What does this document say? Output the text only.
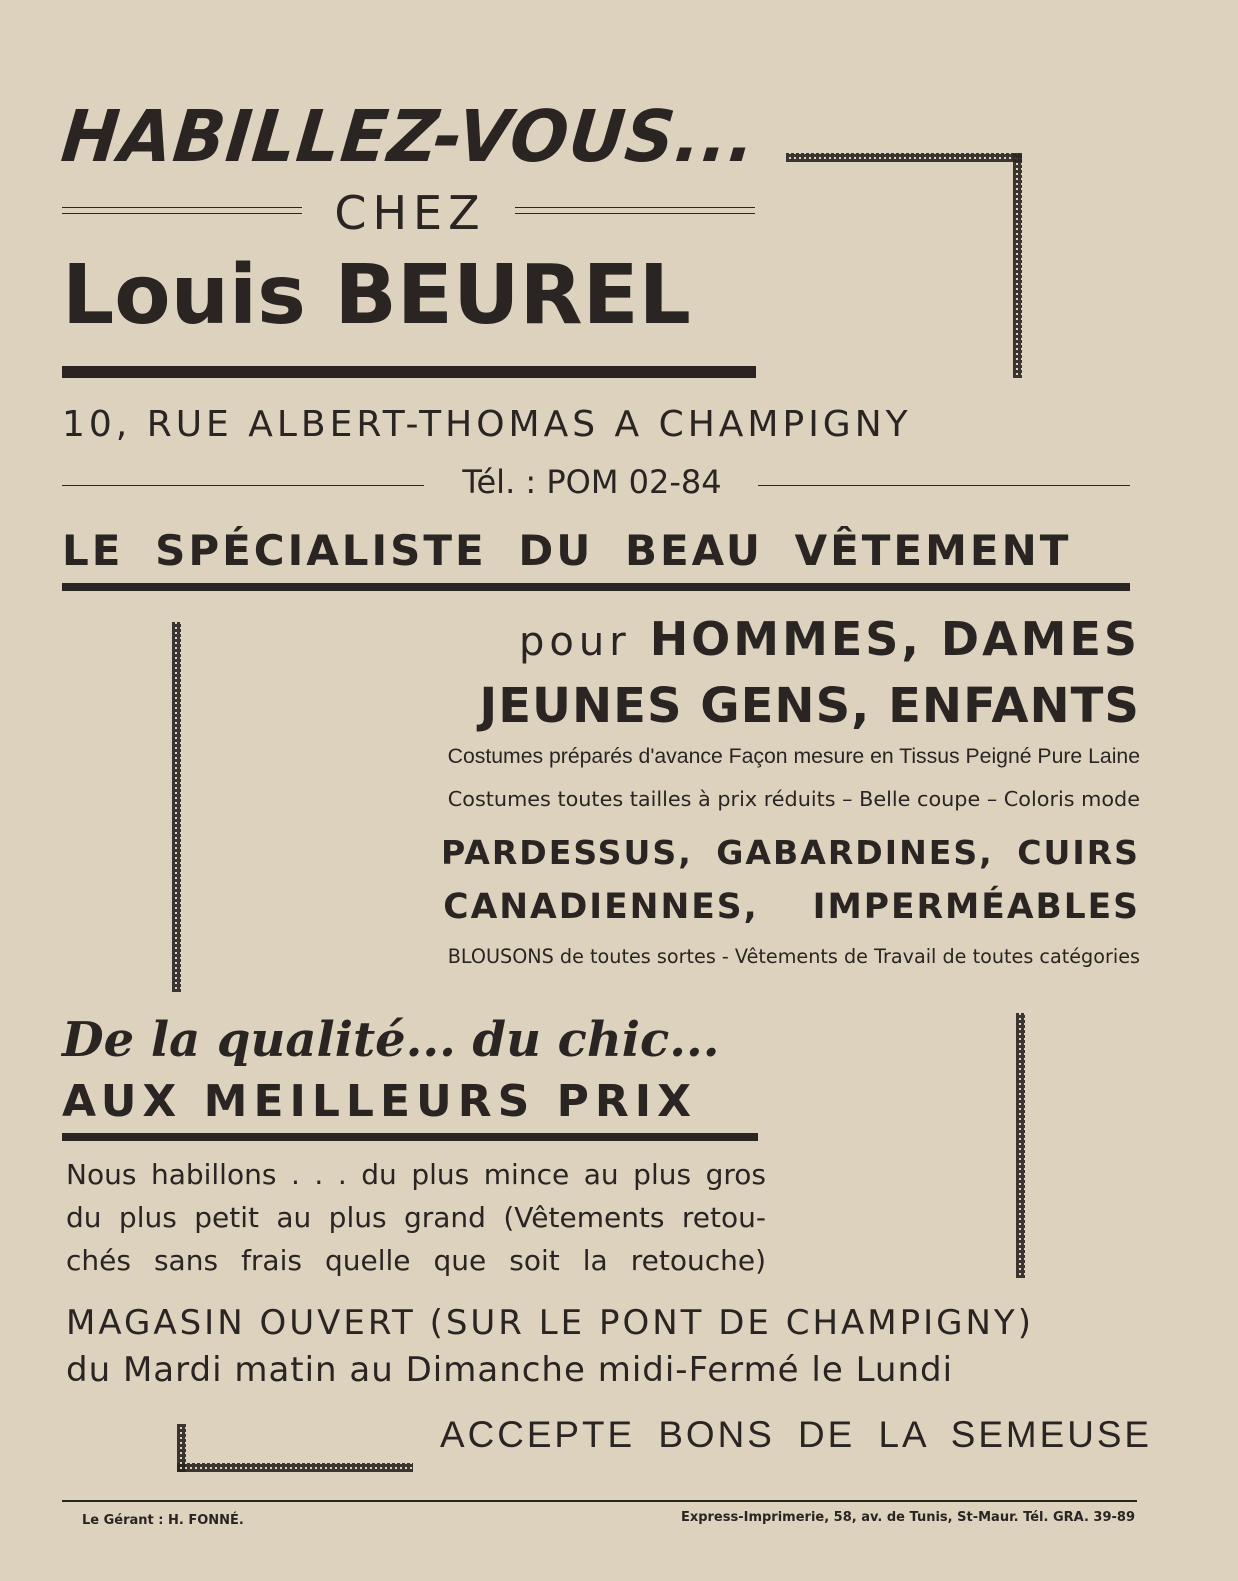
HABILLEZ-VOUS...
CHEZ
Louis BEUREL
10, RUE ALBERT-THOMAS A CHAMPIGNY
Tél. : POM 02-84
LE SPÉCIALISTE DU BEAU VÊTEMENT
pour HOMMES, DAMES
JEUNES GENS, ENFANTS
Costumes préparés d'avance Façon mesure en Tissus Peigné Pure Laine
Costumes toutes tailles à prix réduits – Belle coupe – Coloris mode
PARDESSUS, GABARDINES, CUIRS
CANADIENNES, IMPERMÉABLES
BLOUSONS de toutes sortes - Vêtements de Travail de toutes catégories
De la qualité... du chic...
AUX MEILLEURS PRIX
Nous habillons . . . du plus mince au plus gros
du plus petit au plus grand (Vêtements retou-
chés sans frais quelle que soit la retouche)
MAGASIN OUVERT (SUR LE PONT DE CHAMPIGNY)
du Mardi matin au Dimanche midi-Fermé le Lundi
ACCEPTE BONS DE LA SEMEUSE
Le Gérant : H. FONNÉ.	Express-Imprimerie, 58, av. de Tunis, St-Maur. Tél. GRA. 39-89
